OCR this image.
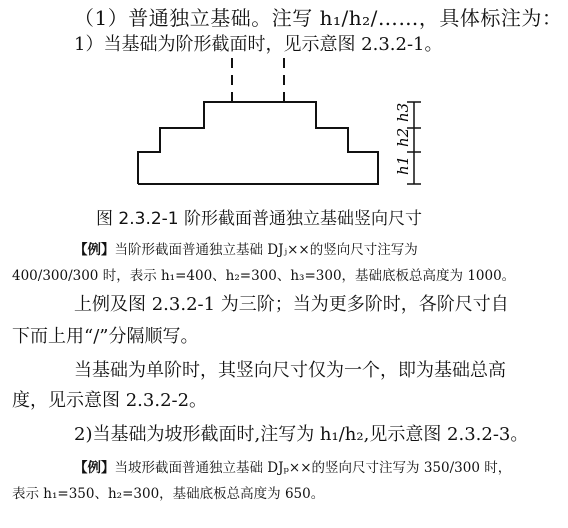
（1）普通独立基础。注写 h₁/h₂/……，具体标注为：
1）当基础为阶形截面时，见示意图 2.3.2-1。
h3
h2
h1
图 2.3.2-1 阶形截面普通独立基础竖向尺寸
【例】当阶形截面普通独立基础 DJⱼ××的竖向尺寸注写为
400/300/300 时，表示 h₁=400、h₂=300、h₃=300，基础底板总高度为 1000。
上例及图 2.3.2-1 为三阶；当为更多阶时，各阶尺寸自
下而上用“/”分隔顺写。
当基础为单阶时，其竖向尺寸仅为一个，即为基础总高
度，见示意图 2.3.2-2。
2)当基础为坡形截面时,注写为 h₁/h₂,见示意图 2.3.2-3。
【例】当坡形截面普通独立基础 DJₚ××的竖向尺寸注写为 350/300 时，
表示 h₁=350、h₂=300，基础底板总高度为 650。
